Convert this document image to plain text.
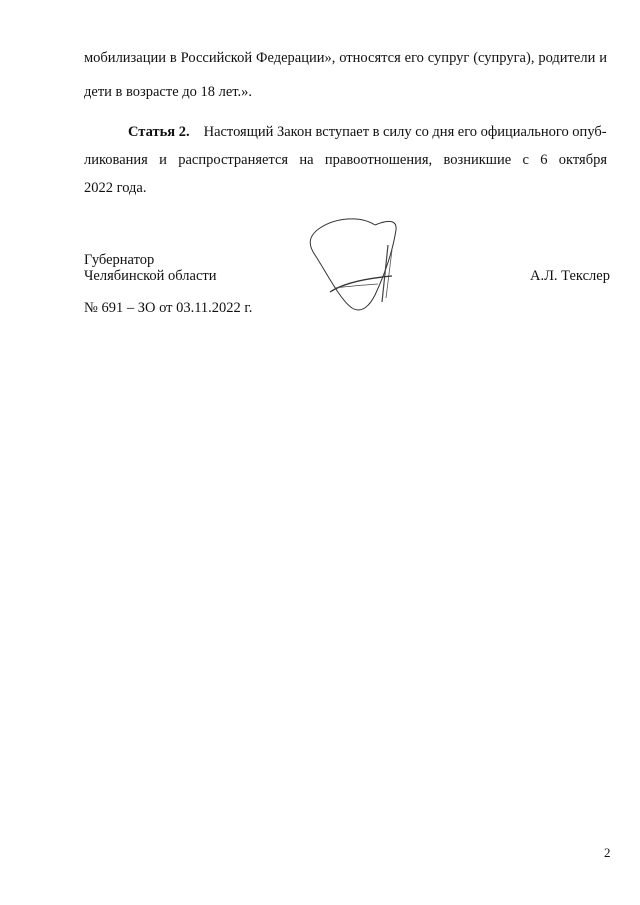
мобилизации в Российской Федерации», относятся его супруг (супруга), родители и
дети в возрасте до 18 лет.».
Статья 2. Настоящий Закон вступает в силу со дня его официального опуб-
ликования и распространяется на правоотношения, возникшие с 6 октября
2022 года.
Губернатор
Челябинской области	А.Л. Текслер
№ 691 – ЗО от 03.11.2022 г.
2
